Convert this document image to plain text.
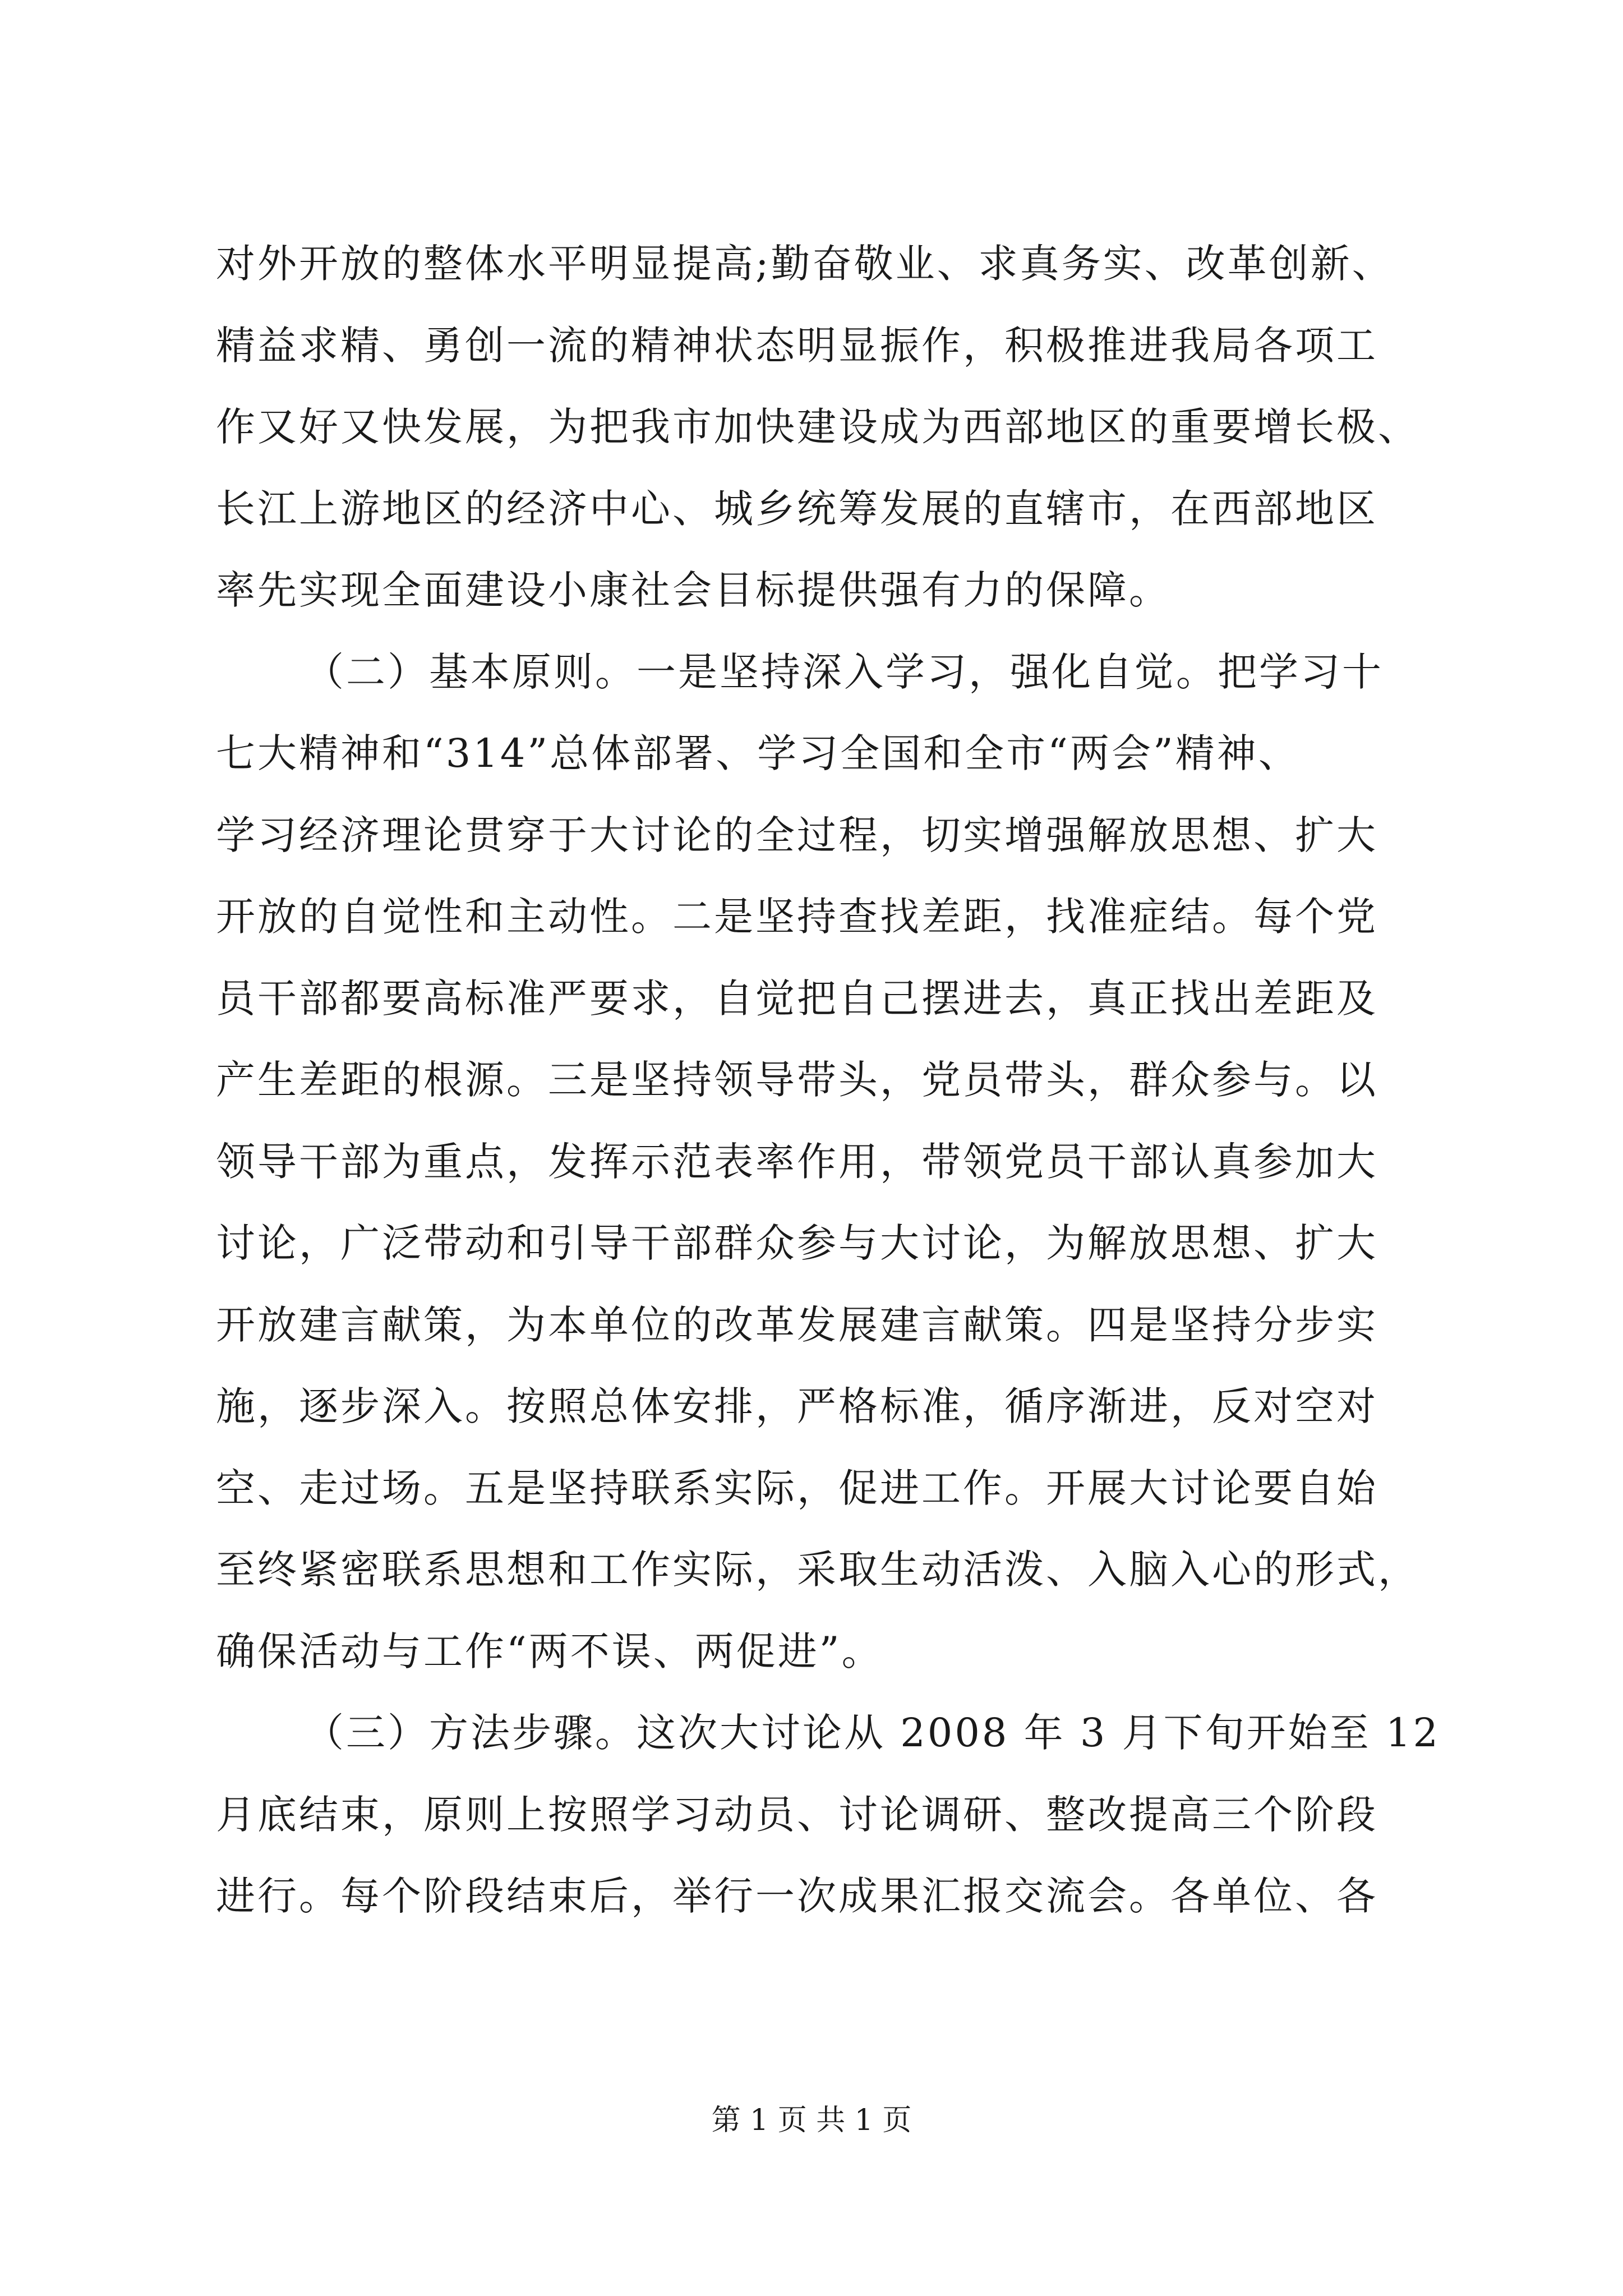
对外开放的整体水平明显提高;勤奋敬业、求真务实、改革创新、
精益求精、勇创一流的精神状态明显振作，积极推进我局各项工
作又好又快发展，为把我市加快建设成为西部地区的重要增长极、
长江上游地区的经济中心、城乡统筹发展的直辖市，在西部地区
率先实现全面建设小康社会目标提供强有力的保障。
（二）基本原则。一是坚持深入学习，强化自觉。把学习十
七大精神和“314”总体部署、学习全国和全市“两会”精神、
学习经济理论贯穿于大讨论的全过程，切实增强解放思想、扩大
开放的自觉性和主动性。二是坚持查找差距，找准症结。每个党
员干部都要高标准严要求，自觉把自己摆进去，真正找出差距及
产生差距的根源。三是坚持领导带头，党员带头，群众参与。以
领导干部为重点，发挥示范表率作用，带领党员干部认真参加大
讨论，广泛带动和引导干部群众参与大讨论，为解放思想、扩大
开放建言献策，为本单位的改革发展建言献策。四是坚持分步实
施，逐步深入。按照总体安排，严格标准，循序渐进，反对空对
空、走过场。五是坚持联系实际，促进工作。开展大讨论要自始
至终紧密联系思想和工作实际，采取生动活泼、入脑入心的形式，
确保活动与工作“两不误、两促进”。
（三）方法步骤。这次大讨论从 2008 年 3 月下旬开始至 12
月底结束，原则上按照学习动员、讨论调研、整改提高三个阶段
进行。每个阶段结束后，举行一次成果汇报交流会。各单位、各
第 1 页 共 1 页
